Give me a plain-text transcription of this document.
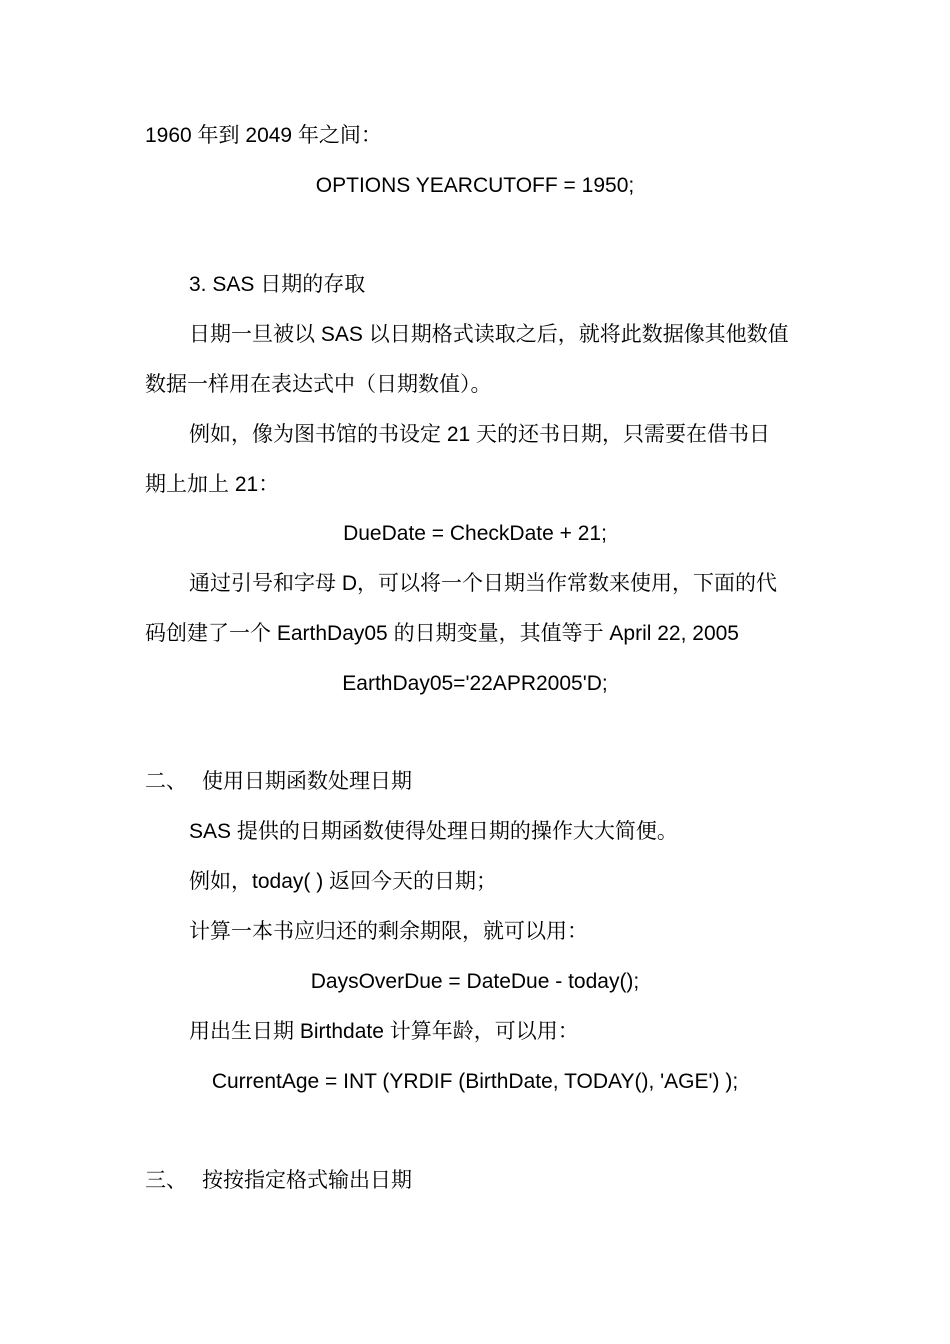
1960 年到 2049 年之间：
OPTIONS YEARCUTOFF = 1950;
3. SAS 日期的存取
日期一旦被以 SAS 以日期格式读取之后，就将此数据像其他数值
数据一样用在表达式中（日期数值）。
例如，像为图书馆的书设定 21 天的还书日期，只需要在借书日
期上加上 21：
DueDate = CheckDate + 21;
通过引号和字母 D，可以将一个日期当作常数来使用，下面的代
码创建了一个 EarthDay05 的日期变量，其值等于 April 22, 2005
EarthDay05='22APR2005'D;
二、 使用日期函数处理日期
SAS 提供的日期函数使得处理日期的操作大大简便。
例如，today( ) 返回今天的日期；
计算一本书应归还的剩余期限，就可以用：
DaysOverDue = DateDue - today();
用出生日期 Birthdate 计算年龄，可以用：
CurrentAge = INT (YRDIF (BirthDate, TODAY(), 'AGE') );
三、 按按指定格式输出日期
